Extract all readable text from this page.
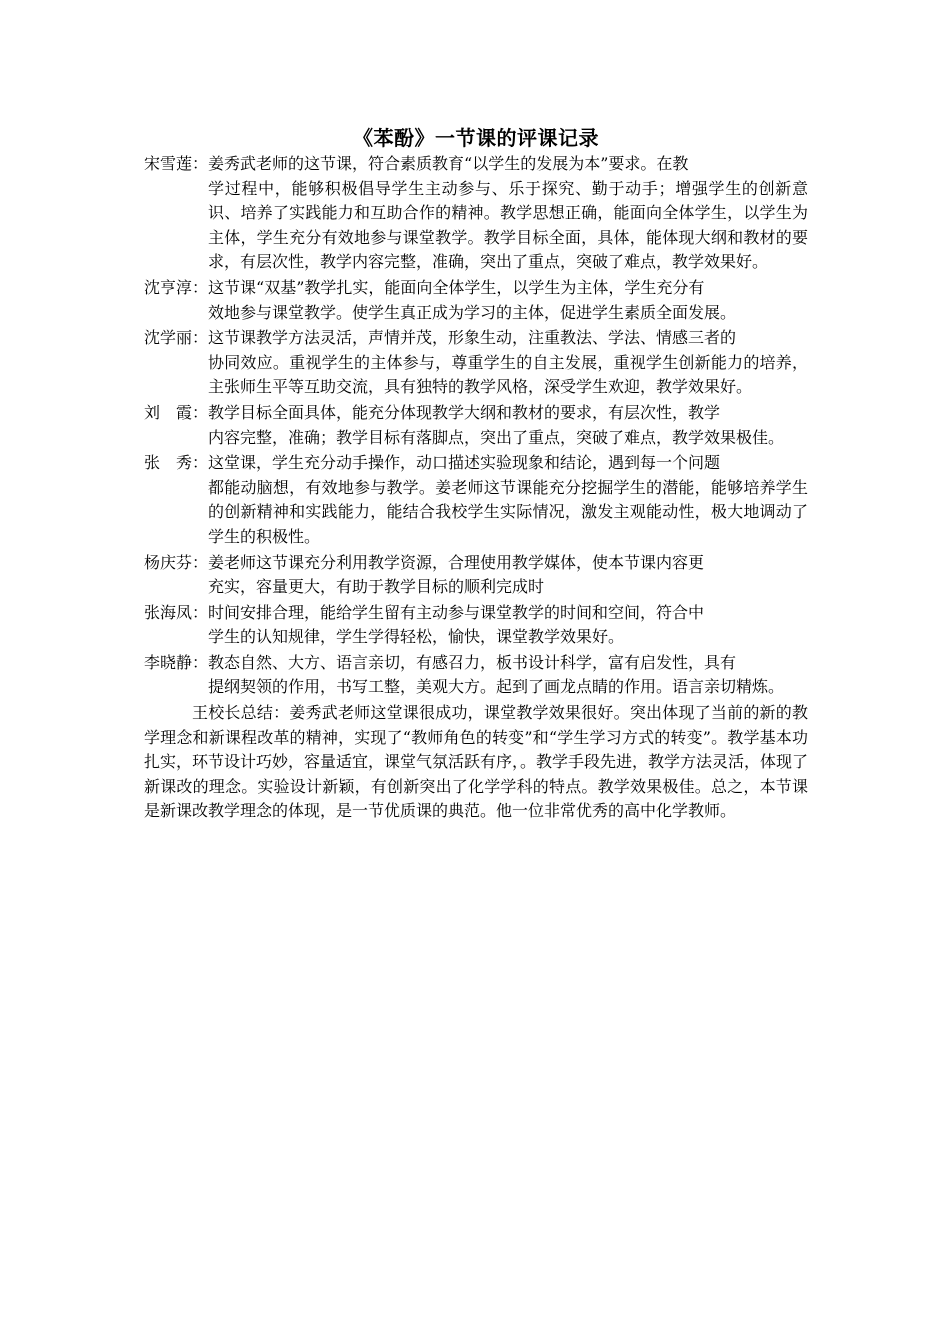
《苯酚》一节课的评课记录
宋雪莲： 姜秀武老师的这节课，符合素质教育“以学生的发展为本”要求。在教
学过程中，能够积极倡导学生主动参与、乐于探究、勤于动手；增强学生的创新意识、培养了实践能力和互助合作的精神。教学思想正确，能面向全体学生，以学生为主体，学生充分有效地参与课堂教学。教学目标全面，具体，能体现大纲和教材的要求，有层次性，教学内容完整，准确，突出了重点，突破了难点，教学效果好。
沈亨淳： 这节课“双基”教学扎实，能面向全体学生，以学生为主体，学生充分有
效地参与课堂教学。使学生真正成为学习的主体，促进学生素质全面发展。
沈学丽： 这节课教学方法灵活，声情并茂，形象生动，注重教法、学法、情感三者的
协同效应。重视学生的主体参与，尊重学生的自主发展，重视学生创新能力的培养，主张师生平等互助交流，具有独特的教学风格，深受学生欢迎，教学效果好。
刘　霞： 教学目标全面具体，能充分体现教学大纲和教材的要求，有层次性，教学
内容完整，准确；教学目标有落脚点，突出了重点，突破了难点，教学效果极佳。
张　秀： 这堂课，学生充分动手操作，动口描述实验现象和结论，遇到每一个问题
都能动脑想，有效地参与教学。姜老师这节课能充分挖掘学生的潜能，能够培养学生的创新精神和实践能力，能结合我校学生实际情况，激发主观能动性，极大地调动了学生的积极性。
杨庆芬： 姜老师这节课充分利用教学资源，合理使用教学媒体，使本节课内容更
充实，容量更大，有助于教学目标的顺利完成时
张海凤： 时间安排合理，能给学生留有主动参与课堂教学的时间和空间，符合中
学生的认知规律，学生学得轻松，愉快，课堂教学效果好。
李晓静： 教态自然、大方、语言亲切，有感召力，板书设计科学，富有启发性，具有
提纲契领的作用，书写工整，美观大方。起到了画龙点睛的作用。语言亲切精炼。
王校长总结：姜秀武老师这堂课很成功，课堂教学效果很好。突出体现了当前的新的教学理念和新课程改革的精神，实现了“教师角色的转变”和“学生学习方式的转变”。教学基本功扎实，环节设计巧妙，容量适宜，课堂气氛活跃有序，。教学手段先进，教学方法灵活，体现了新课改的理念。实验设计新颖，有创新突出了化学学科的特点。教学效果极佳。总之，本节课是新课改教学理念的体现，是一节优质课的典范。他一位非常优秀的高中化学教师。
